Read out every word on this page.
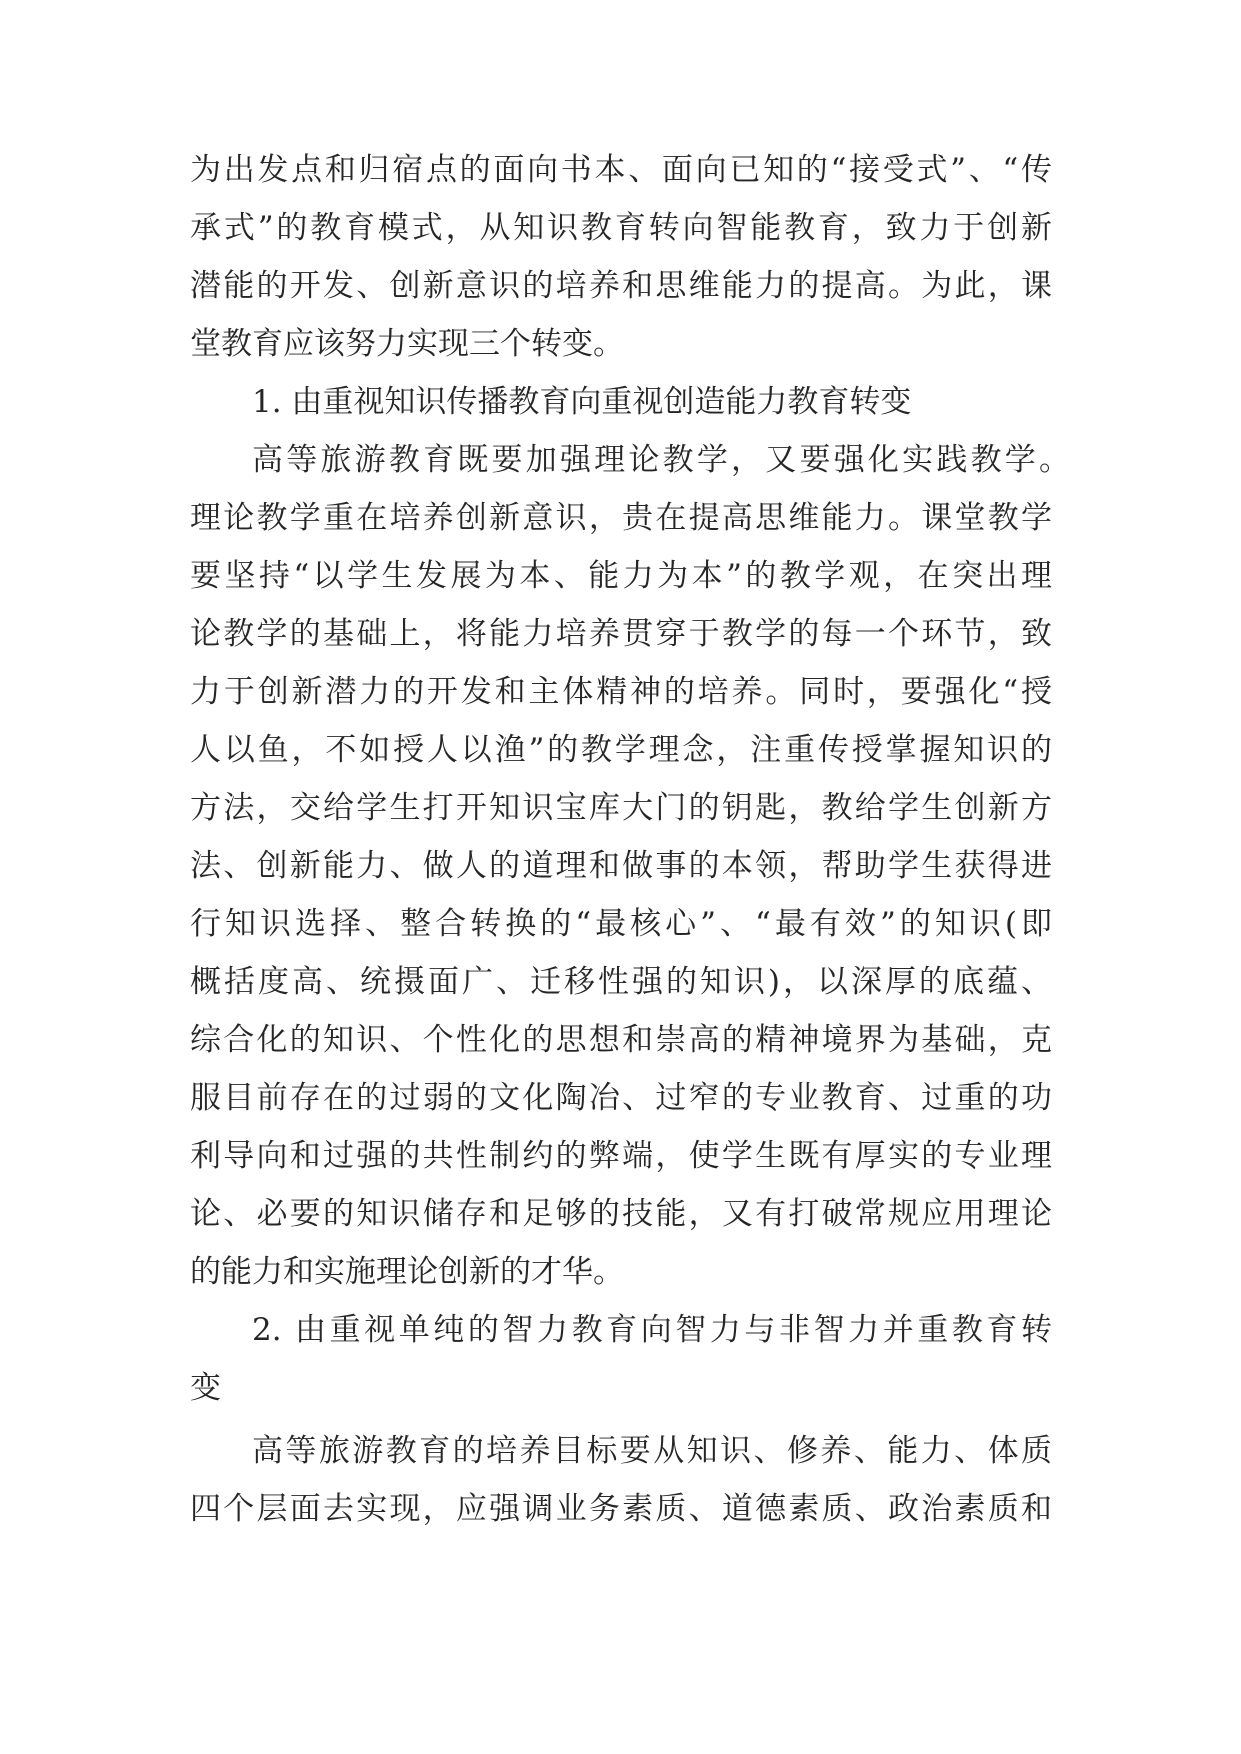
为出发点和归宿点的面向书本、面向已知的“接受式”、“传
承式”的教育模式，从知识教育转向智能教育，致力于创新
潜能的开发、创新意识的培养和思维能力的提高。为此，课
堂教育应该努力实现三个转变。
1. 由重视知识传播教育向重视创造能力教育转变
高等旅游教育既要加强理论教学，又要强化实践教学。
理论教学重在培养创新意识，贵在提高思维能力。课堂教学
要坚持“以学生发展为本、能力为本”的教学观，在突出理
论教学的基础上，将能力培养贯穿于教学的每一个环节，致
力于创新潜力的开发和主体精神的培养。同时，要强化“授
人以鱼，不如授人以渔”的教学理念，注重传授掌握知识的
方法，交给学生打开知识宝库大门的钥匙，教给学生创新方
法、创新能力、做人的道理和做事的本领，帮助学生获得进
行知识选择、整合转换的“最核心”、“最有效”的知识(即
概括度高、统摄面广、迁移性强的知识)，以深厚的底蕴、
综合化的知识、个性化的思想和崇高的精神境界为基础，克
服目前存在的过弱的文化陶冶、过窄的专业教育、过重的功
利导向和过强的共性制约的弊端，使学生既有厚实的专业理
论、必要的知识储存和足够的技能，又有打破常规应用理论
的能力和实施理论创新的才华。
2. 由重视单纯的智力教育向智力与非智力并重教育转
变
高等旅游教育的培养目标要从知识、修养、能力、体质
四个层面去实现，应强调业务素质、道德素质、政治素质和
